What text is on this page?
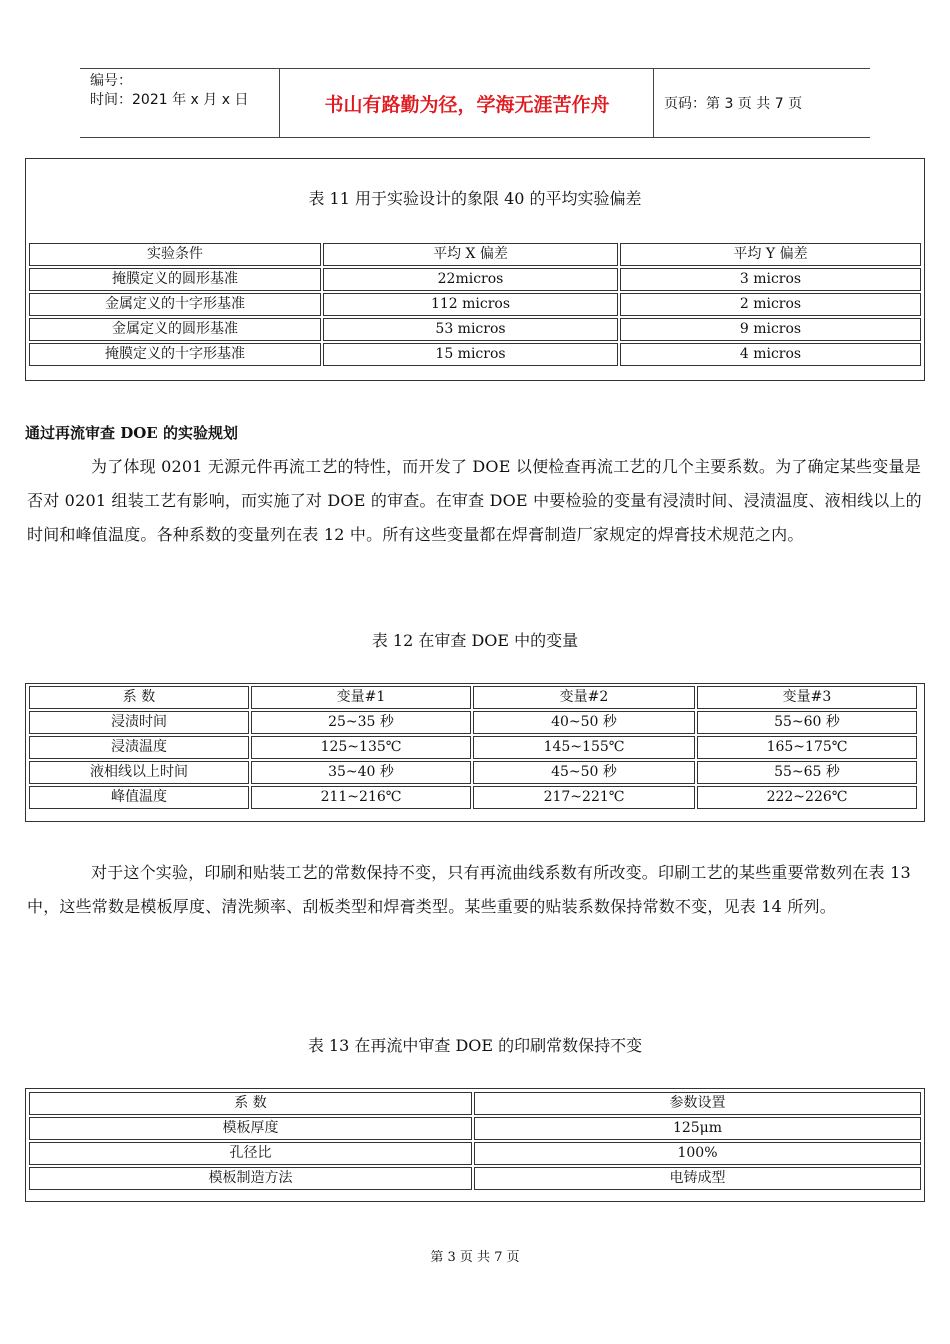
编号：
时间：2021 年 x 月 x 日	书山有路勤为径，学海无涯苦作舟	页码：第 3 页 共 7 页
表 11 用于实验设计的象限 40 的平均实验偏差
实验条件	平均 X 偏差	平均 Y 偏差
掩膜定义的圆形基准	22micros	3 micros
金属定义的十字形基准	112 micros	2 micros
金属定义的圆形基准	53 micros	9 micros
掩膜定义的十字形基准	15 micros	4 micros
通过再流审查 DOE 的实验规划
为了体现 0201 无源元件再流工艺的特性，而开发了 DOE 以便检查再流工艺的几个主要系数。为了确定某些变量是否对 0201 组装工艺有影响，而实施了对 DOE 的审查。在审查 DOE 中要检验的变量有浸渍时间、浸渍温度、液相线以上的时间和峰值温度。各种系数的变量列在表 12 中。所有这些变量都在焊膏制造厂家规定的焊膏技术规范之内。
表 12 在审查 DOE 中的变量
系 数	变量#1	变量#2	变量#3
浸渍时间	25~35 秒	40~50 秒	55~60 秒
浸渍温度	125~135℃	145~155℃	165~175℃
液相线以上时间	35~40 秒	45~50 秒	55~65 秒
峰值温度	211~216℃	217~221℃	222~226℃
对于这个实验，印刷和贴装工艺的常数保持不变，只有再流曲线系数有所改变。印刷工艺的某些重要常数列在表 13 中，这些常数是模板厚度、清洗频率、刮板类型和焊膏类型。某些重要的贴装系数保持常数不变，见表 14 所列。
表 13 在再流中审查 DOE 的印刷常数保持不变
系 数	参数设置
模板厚度	125μm
孔径比	100%
模板制造方法	电铸成型
第 3 页 共 7 页
